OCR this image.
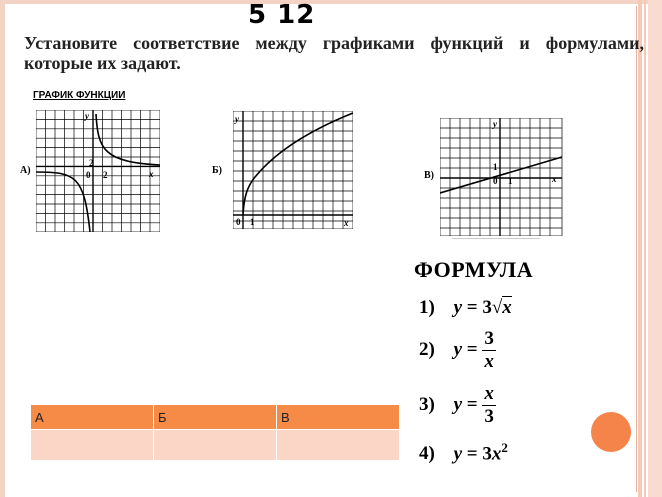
5 12
Установите соответствие между графиками функций и формулами, которые их задают.
ГРАФИК ФУНКЦИИ
А)
2
0 2	x
y
Б)
0 1	x
y
В)
1
0 1	x
y
ФОРМУЛА
1) y = 3√x
2) $y = \frac{3}{x}$
3) $y = \frac{x}{3}$
4) $y = 3x^2$
А	Б	В
